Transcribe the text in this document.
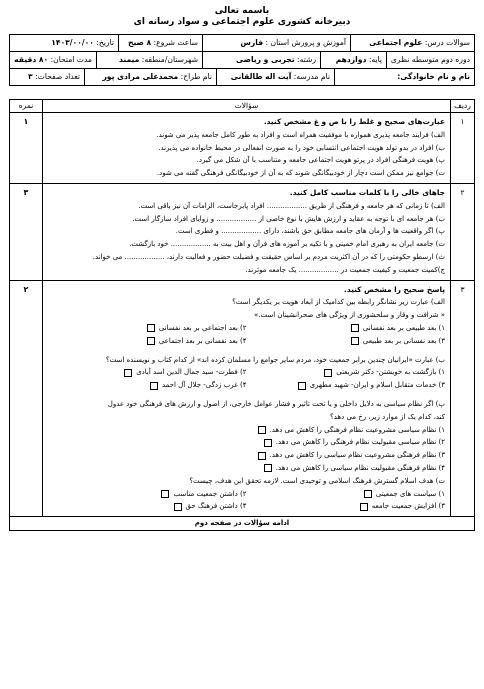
باسمه تعالی
دبیرخانه کشوری علوم اجتماعی و سواد رسانه ای
سوالات درس: علوم اجتماعی
آموزش و پرورش استان : فارس
ساعت شروع: ۸ صبح
تاریخ: ۱۴۰۳/۰۰/۰۰
دوره دوم متوسطه نظری
پایه: دوازدهم
رشته: تجربی و ریاضی
شهرستان/منطقه: میمند
مدت امتحان: ۸۰ دقیقه
نام و نام خانوادگی:
نام مدرسه: آیت اله طالقانی
نام طراح: محمدعلی مرادی پور
تعداد صفحات: ۳
ردیف
سؤالات
نمره
۱
عبارت‌های صحیح و غلط را با ص و غ مشخص کنید.
الف) فرایند جامعه پذیری همواره با موفقیت همراه است و افراد به طور کامل جامعه پذیر می شوند.
ب) افراد در بدو تولد هویت اجتماعی انتسابی خود را به صورت انفعالی در محیط خانواده می پذیرند.
پ) هویت فرهنگی افراد در پرتو هویت اجتماعی جامعه و متناسب با آن شکل می گیرد.
ت) جوامع نیز ممکن است دچار از خودبیگانگی شوند که به آن از خودبیگانگی فرهنگی گفته می شود.
۱
۲
جاهای خالی را با کلمات مناسب کامل کنید.
الف) تا زمانی که هر جامعه و فرهنگی از طریق .................. افراد پابرجاست، الزامات آن نیز باقی است.
ب) هر جامعه ای با توجه به عقاید و ارزش هایش با نوع خاصی از .................. و زوایای افراد سازگار است.
پ) اگر واقعیت ها و آرمان های جامعه مطابق حق باشند، دارای .................. و فطری است.
ت) جامعه ایران به رهبری امام خمینی و با تکیه بر آموزه های قرآن و اهل بیت به .................. خود بازگشت.
ث) ارسطو حکومتی را که در آن اکثریت مردم بر اساس حقیقت و فضیلت حضور و فعالیت دارند، .................. می خواند.
ج)کمیت جمعیت و کیفیت جمعیت در .................. یک جامعه موثرند.
۳
۳
پاسخ صحیح را مشخص کنید.
الف) عبارت زیر نشانگر رابطه بین کدامیک از ابعاد هویت بر یکدیگر است؟
« شرافت و وقار و سلحشوری از ویژگی های صحرانشینان است.»
۱) بعد طبیعی بر بعد نفسانی
۲) بعد اجتماعی بر بعد نفسانی
۳) بعد نفسانی بر بعد طبیعی
۴) بعد نفسانی بر بعد اجتماعی
ب) عبارت «ایرانیان چندین برابر جمعیت خود، مردم سایر جوامع را مسلمان کرده اند» از کدام کتاب و نویسنده است؟
۱) بازگشت به خویشتن- دکتر شریعتی
۲) فطرت- سید جمال الدین اسد آبادی
۳) خدمات متقابل اسلام و ایران- شهید مطهری
۴) غرب زدگی- جلال آل احمد
پ) اگر نظام سیاسی به دلایل داخلی و یا تحت تاثیر و فشار عوامل خارجی، از اصول و ارزش های فرهنگی خود عدول
کند، کدام یک از موارد زیر، رخ می دهد؟
۱) نظام سیاسی مشروعیت نظام فرهنگی را کاهش می دهد.
۲) نظام سیاسی مقبولیت نظام فرهنگی را کاهش می دهد.
۳) نظام فرهنگی مشروعیت نظام سیاسی را کاهش می دهد.
۴) نظام فرهنگی مقبولیت نظام سیاسی را کاهش می دهد.
ت) هدف اسلام گسترش فرهنگ اسلامی و توحیدی است. لازمه تحقق این هدف، چیست؟
۱) سیاست های جمعیتی
۲) داشتن جمعیت مناسب
۳) افزایش جمعیت جامعه
۴) داشتن فرهنگ حق
۲
ادامه سؤالات در صفحه دوم
